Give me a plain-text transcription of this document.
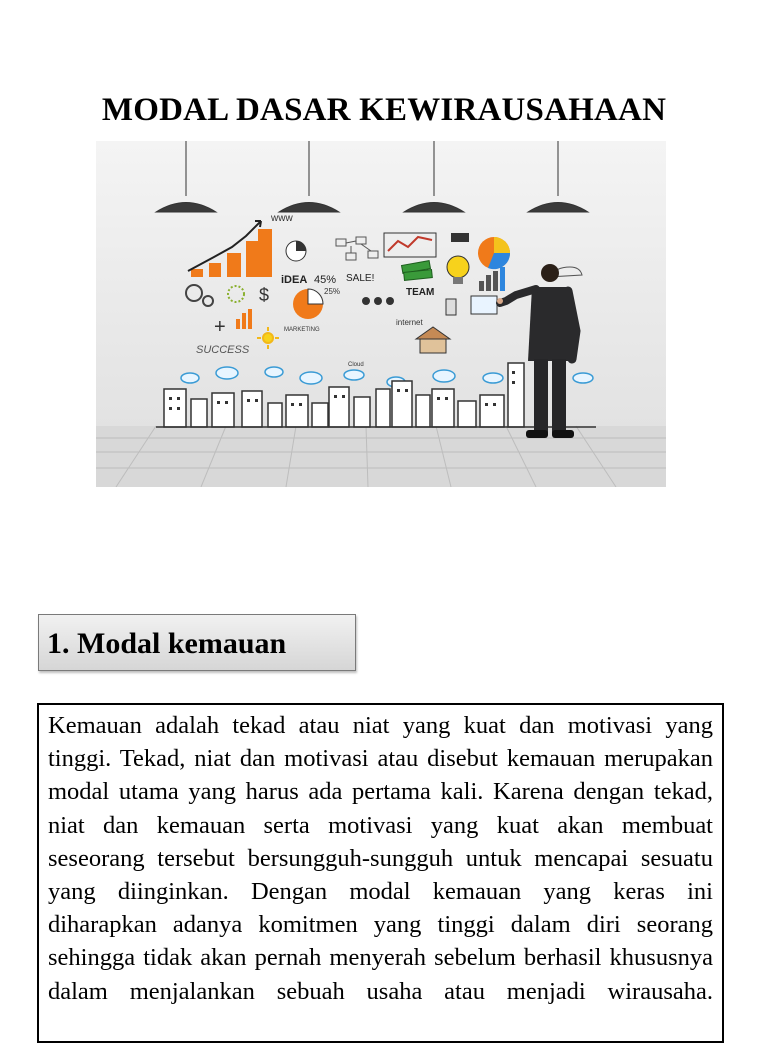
MODAL DASAR KEWIRAUSAHAAN
www
iDEA 45% SALE!
$	25%	TEAM
+	MARKETING
internet
SUCCESS
Cloud
1. Modal kemauan

Kemauan adalah tekad atau niat yang kuat dan motivasi yang tinggi. Tekad, niat dan motivasi atau disebut kemauan merupakan modal utama yang harus ada pertama kali. Karena dengan tekad, niat dan kemauan serta motivasi yang kuat akan membuat seseorang tersebut bersungguh-sungguh untuk mencapai sesuatu yang diinginkan. Dengan modal kemauan yang keras ini diharapkan adanya komitmen yang tinggi dalam diri seorang sehingga tidak akan pernah menyerah sebelum berhasil khususnya dalam menjalankan sebuah usaha atau menjadi wirausaha.
